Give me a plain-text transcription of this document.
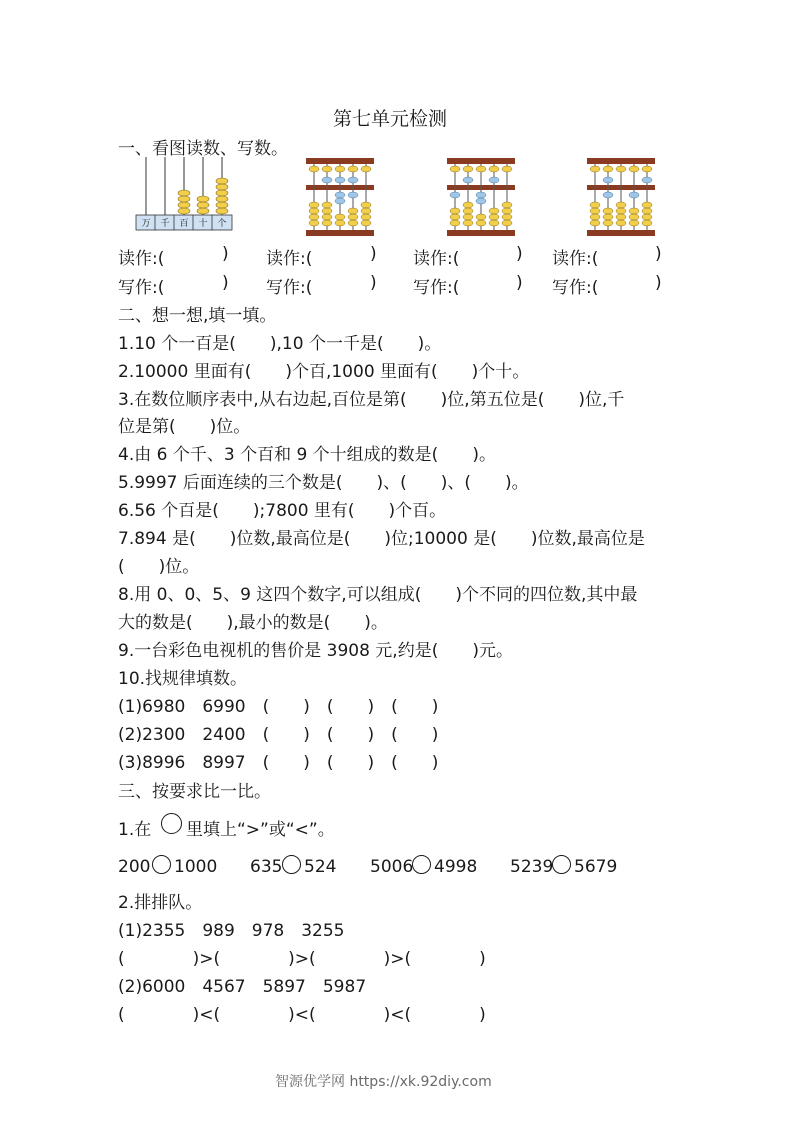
第七单元检测
一、看图读数、写数。
万 千 百 十 个
读作:(	) 读作:(	) 读作:(	) 读作:(	)
写作:(	) 写作:(	) 写作:(	) 写作:(	)
二、想一想,填一填。
1.10 个一百是(　　),10 个一千是(　　)。
2.10000 里面有(　　)个百,1000 里面有(　　)个十。
3.在数位顺序表中,从右边起,百位是第(　　)位,第五位是(　　)位,千
位是第(　　)位。
4.由 6 个千、3 个百和 9 个十组成的数是(　　)。
5.9997 后面连续的三个数是(　　)、(　　)、(　　)。
6.56 个百是(　　);7800 里有(　　)个百。
7.894 是(　　)位数,最高位是(　　)位;10000 是(　　)位数,最高位是
(　　)位。
8.用 0、0、5、9 这四个数字,可以组成(　　)个不同的四位数,其中最
大的数是(　　),最小的数是(　　)。
9.一台彩色电视机的售价是 3908 元,约是(　　)元。
10.找规律填数。
(1)6980　6990　(　　)　(　　)　(　　)
(2)2300　2400　(　　)　(　　)　(　　)
(3)8996　8997　(　　)　(　　)　(　　)
三、按要求比一比。
1.在 里填上“>”或“<”。
200 1000 635 524 5006 4998 5239 5679
2.排排队。
(1)2355　989　978　3255
(　　　　)>(　　　　)>(　　　　)>(　　　　)
(2)6000　4567　5897　5987
(　　　　)<(　　　　)<(　　　　)<(　　　　)
智源优学网 https://xk.92diy.com
